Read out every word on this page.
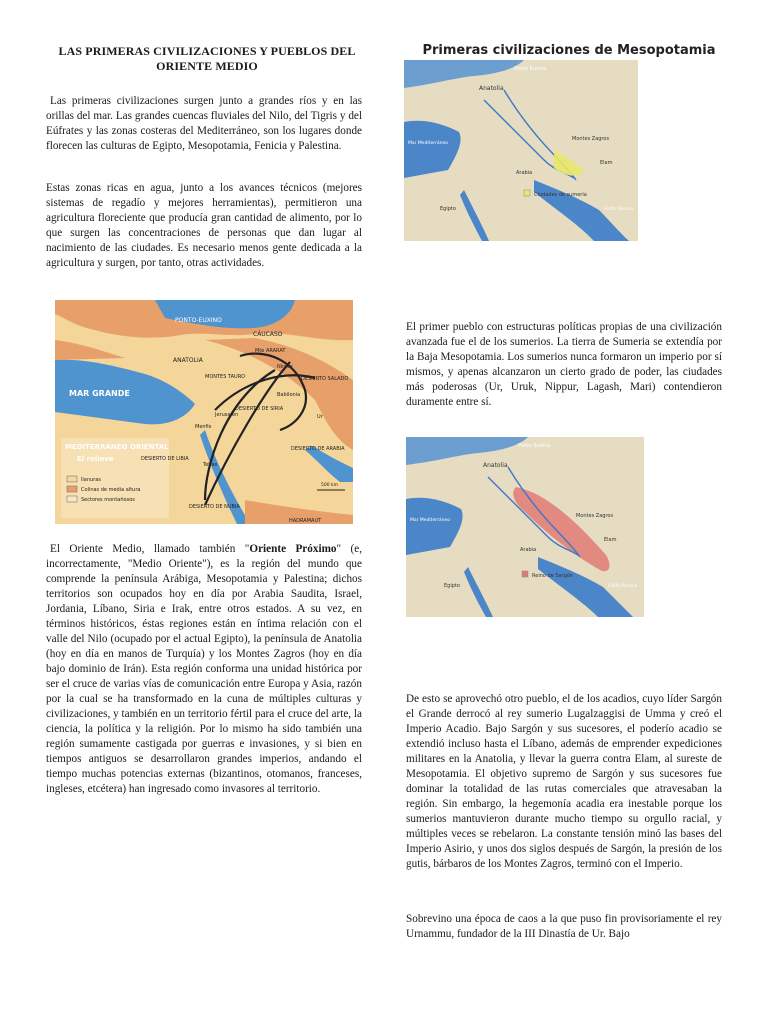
LAS PRIMERAS CIVILIZACIONES Y PUEBLOS DEL ORIENTE MEDIO
Primeras civilizaciones de Mesopotamia

Las primeras civilizaciones surgen junto a grandes ríos y en las orillas del mar. Las grandes cuencas fluviales del Nilo, del Tigris y del Eúfrates y las zonas costeras del Mediterráneo, son los lugares donde florecen las culturas de Egipto, Mesopotamia, Fenicia y Palestina.

Estas zonas ricas en agua, junto a los avances técnicos (mejores sistemas de regadío y mejores herramientas), permitieron una agricultura floreciente que producía gran cantidad de alimento, por lo que surgen las concentraciones de personas que dan lugar al nacimiento de las ciudades. Es necesario menos gente dedicada a la agricultura y surgen, por tanto, otras actividades.

El Oriente Medio, llamado también "Oriente Próximo" (e, incorrectamente, "Medio Oriente"), es la región del mundo que comprende la península Arábiga, Mesopotamia y Palestina; dichos territorios son ocupados hoy en día por Arabia Saudita, Israel, Jordania, Líbano, Siria e Irak, entre otros estados. A su vez, en términos históricos, éstas regiones están en íntima relación con el valle del Nilo (ocupado por el actual Egipto), la península de Anatolia (hoy en día en manos de Turquía) y los Montes Zagros (hoy en día bajo dominio de Irán). Esta región conforma una unidad histórica por ser el cruce de varias vías de comunicación entre Europa y Asia, razón por la cual se ha transformado en la cuna de múltiples culturas y civilizaciones, y también en un territorio fértil para el cruce del arte, la ciencia, la política y la religión. Por lo mismo ha sido también una región sumamente castigada por guerras e invasiones, y si bien en tiempos antiguos se desarrollaron grandes imperios, andando el tiempo muchas potencias externas (bizantinos, otomanos, franceses, ingleses, etcétera) han ingresado como invasores al territorio.

El primer pueblo con estructuras políticas propias de una civilización avanzada fue el de los sumerios. La tierra de Sumeria se extendía por la Baja Mesopotamia. Los sumerios nunca formaron un imperio por sí mismos, y apenas alcanzaron un cierto grado de poder, las ciudades más poderosas (Ur, Uruk, Nippur, Lagash, Mari) contendieron duramente entre sí.

De esto se aprovechó otro pueblo, el de los acadios, cuyo líder Sargón el Grande derrocó al rey sumerio Lugalzaggisi de Umma y creó el Imperio Acadio. Bajo Sargón y sus sucesores, el poderío acadio se extendió incluso hasta el Líbano, además de emprender expediciones militares en la Anatolia, y llevar la guerra contra Elam, al sureste de Mesopotamia. El objetivo supremo de Sargón y sus sucesores fue dominar la totalidad de las rutas comerciales que atravesaban la región. Sin embargo, la hegemonía acadia era inestable porque los sumerios mantuvieron durante mucho tiempo su orgullo racial, y múltiples veces se rebelaron. La constante tensión minó las bases del Imperio Asirio, y unos dos siglos después de Sargón, la presión de los gutis, bárbaros de los Montes Zagros, terminó con el Imperio.

Sobrevino una época de caos a la que puso fin provisoriamente el rey Urnammu, fundador de la III Dinastía de Ur. Bajo

Ciudades de sumeria
Ponto Euxino
Anatolia
Mar Mediterráneo
Montes Zagros
Elam
Arabia
Egipto	Golfo Pérsico
MEDITERRÁNEO ORIENTAL
El relieve
llanuras
Colinas de media altura
Sectores montañosos
PONTO-EUXINO
CÁUCASO
ANATOLIA
MAR GRANDE
MONTES TAURO
DESIERTO DE SIRIA
DESIERTO SALADO
DESIERTO DE ARABIA
DESIERTO DE LIBIA
DESIERTO DE NUBIA
HADRAMAUT
Mte ARARAT
Tebas
Menfis
Babilonia
Nínive
Jerusalén	Ur
500 km
Reino de Sargón
Ponto Euxino
Anatolia
Mar Mediterráneo
Montes Zagros
Elam
Arabia
Egipto	Golfo Pérsico
